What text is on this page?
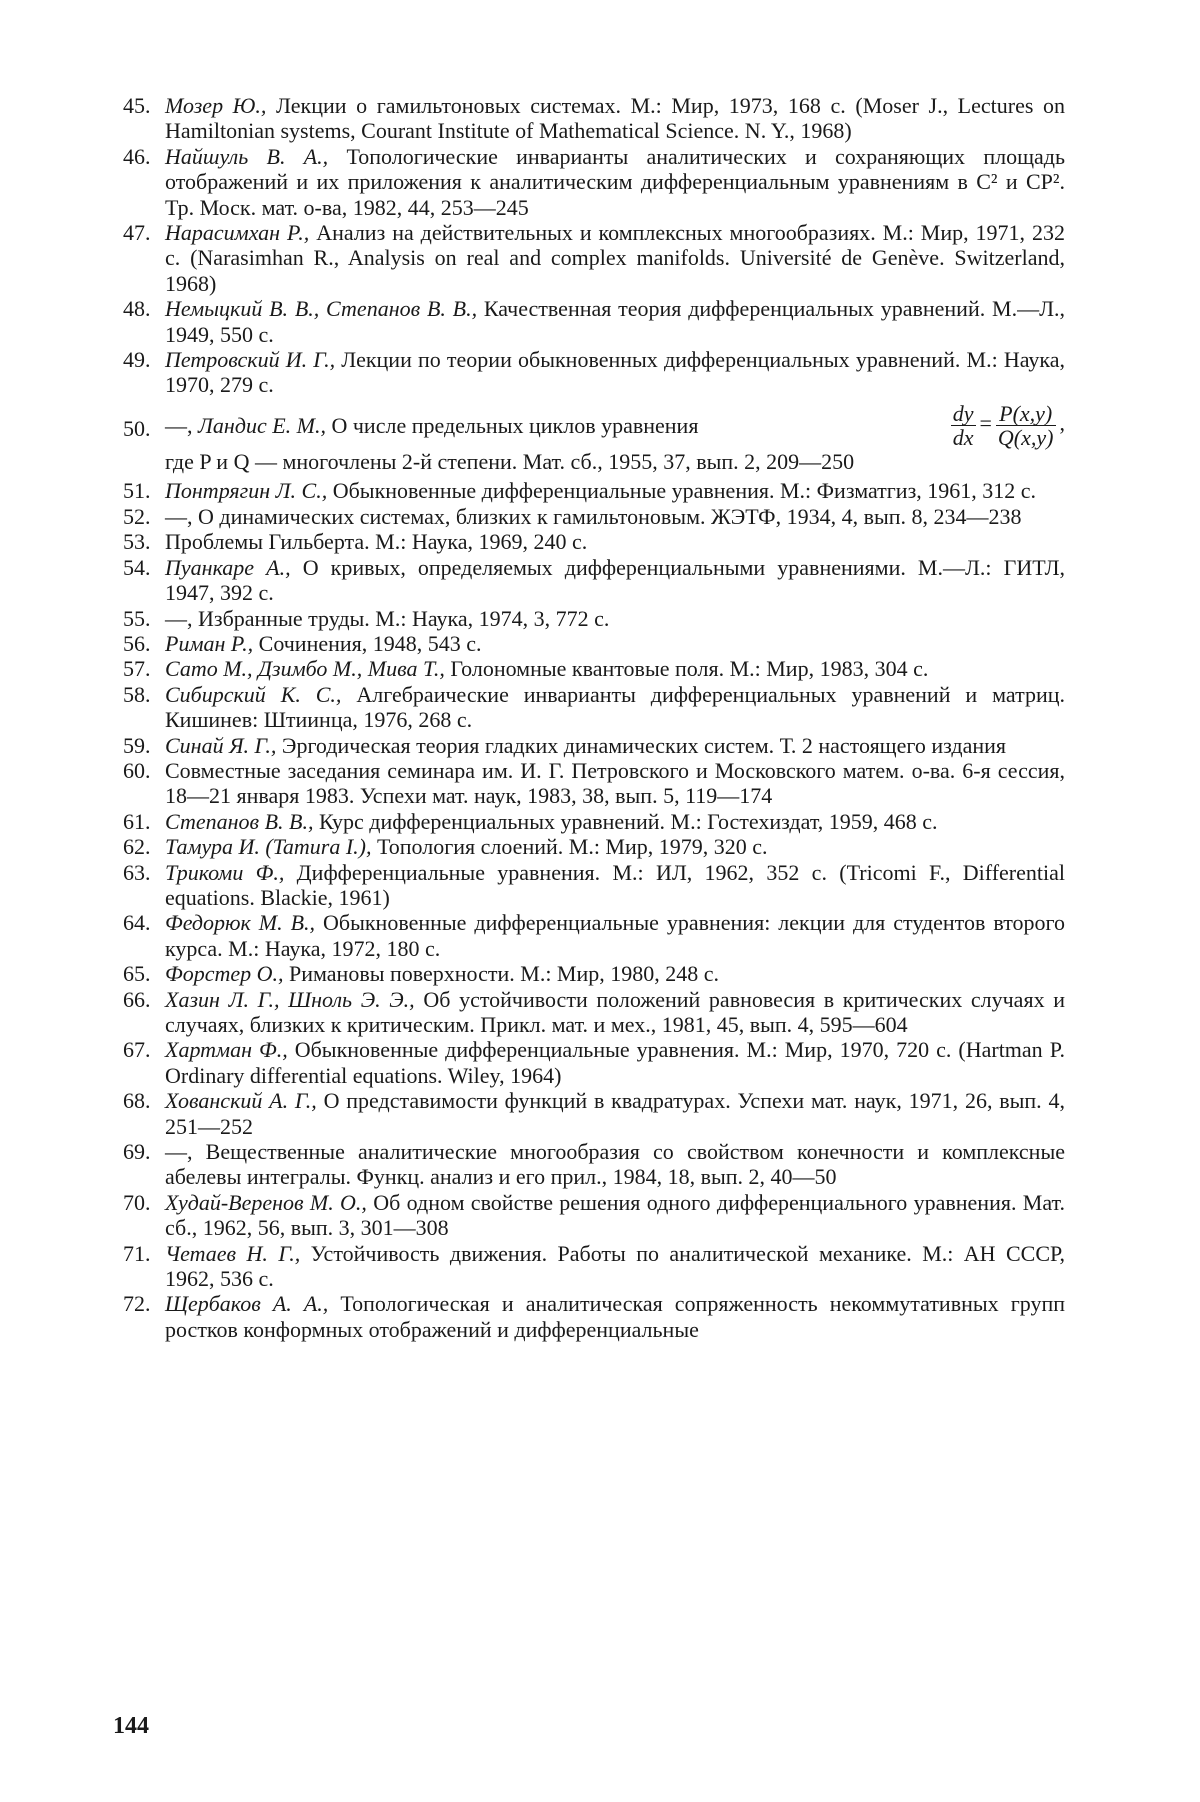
45. Мозер Ю., Лекции о гамильтоновых системах. М.: Мир, 1973, 168 с. (Moser J., Lectures on Hamiltonian systems, Courant Institute of Mathematical Science. N. Y., 1968)
46. Найшуль В. А., Топологические инварианты аналитических и сохраняющих площадь отображений и их приложения к аналитическим дифференциальным уравнениям в C² и CP². Тр. Моск. мат. о-ва, 1982, 44, 253—245
47. Нарасимхан Р., Анализ на действительных и комплексных многообразиях. М.: Мир, 1971, 232 с. (Narasimhan R., Analysis on real and complex manifolds. Université de Genève. Switzerland, 1968)
48. Немыцкий В. В., Степанов В. В., Качественная теория дифференциальных уравнений. М.—Л., 1949, 550 с.
49. Петровский И. Г., Лекции по теории обыкновенных дифференциальных уравнений. М.: Наука, 1970, 279 с.
50. —, Ландис Е. М., О числе предельных циклов уравнения	$\frac{dy}{dx} = \frac{P(x,y)}{Q(x,y)}$ ,
где P и Q — многочлены 2-й степени. Мат. сб., 1955, 37, вып. 2, 209—250
51. Понтрягин Л. С., Обыкновенные дифференциальные уравнения. М.: Физматгиз, 1961, 312 с.
52. —, О динамических системах, близких к гамильтоновым. ЖЭТФ, 1934, 4, вып. 8, 234—238
53. Проблемы Гильберта. М.: Наука, 1969, 240 с.
54. Пуанкаре А., О кривых, определяемых дифференциальными уравнениями. М.—Л.: ГИТЛ, 1947, 392 с.
55. —, Избранные труды. М.: Наука, 1974, 3, 772 с.
56. Риман Р., Сочинения, 1948, 543 с.
57. Сато М., Дзимбо М., Мива Т., Голономные квантовые поля. М.: Мир, 1983, 304 с.
58. Сибирский К. С., Алгебраические инварианты дифференциальных уравнений и матриц. Кишинев: Штиинца, 1976, 268 с.
59. Синай Я. Г., Эргодическая теория гладких динамических систем. Т. 2 настоящего издания
60. Совместные заседания семинара им. И. Г. Петровского и Московского матем. о-ва. 6-я сессия, 18—21 января 1983. Успехи мат. наук, 1983, 38, вып. 5, 119—174
61. Степанов В. В., Курс дифференциальных уравнений. М.: Гостехиздат, 1959, 468 с.
62. Тамура И. (Tamura I.), Топология слоений. М.: Мир, 1979, 320 с.
63. Трикоми Ф., Дифференциальные уравнения. М.: ИЛ, 1962, 352 с. (Tricomi F., Differential equations. Blackie, 1961)
64. Федорюк М. В., Обыкновенные дифференциальные уравнения: лекции для студентов второго курса. М.: Наука, 1972, 180 с.
65. Форстер О., Римановы поверхности. М.: Мир, 1980, 248 с.
66. Хазин Л. Г., Шноль Э. Э., Об устойчивости положений равновесия в критических случаях и случаях, близких к критическим. Прикл. мат. и мех., 1981, 45, вып. 4, 595—604
67. Хартман Ф., Обыкновенные дифференциальные уравнения. М.: Мир, 1970, 720 с. (Hartman P. Ordinary differential equations. Wiley, 1964)
68. Хованский А. Г., О представимости функций в квадратурах. Успехи мат. наук, 1971, 26, вып. 4, 251—252
69. —, Вещественные аналитические многообразия со свойством конечности и комплексные абелевы интегралы. Функц. анализ и его прил., 1984, 18, вып. 2, 40—50
70. Худай-Веренов М. О., Об одном свойстве решения одного дифференциального уравнения. Мат. сб., 1962, 56, вып. 3, 301—308
71. Четаев Н. Г., Устойчивость движения. Работы по аналитической механике. М.: АН СССР, 1962, 536 с.
72. Щербаков А. А., Топологическая и аналитическая сопряженность некоммутативных групп ростков конформных отображений и дифференциальные
144
